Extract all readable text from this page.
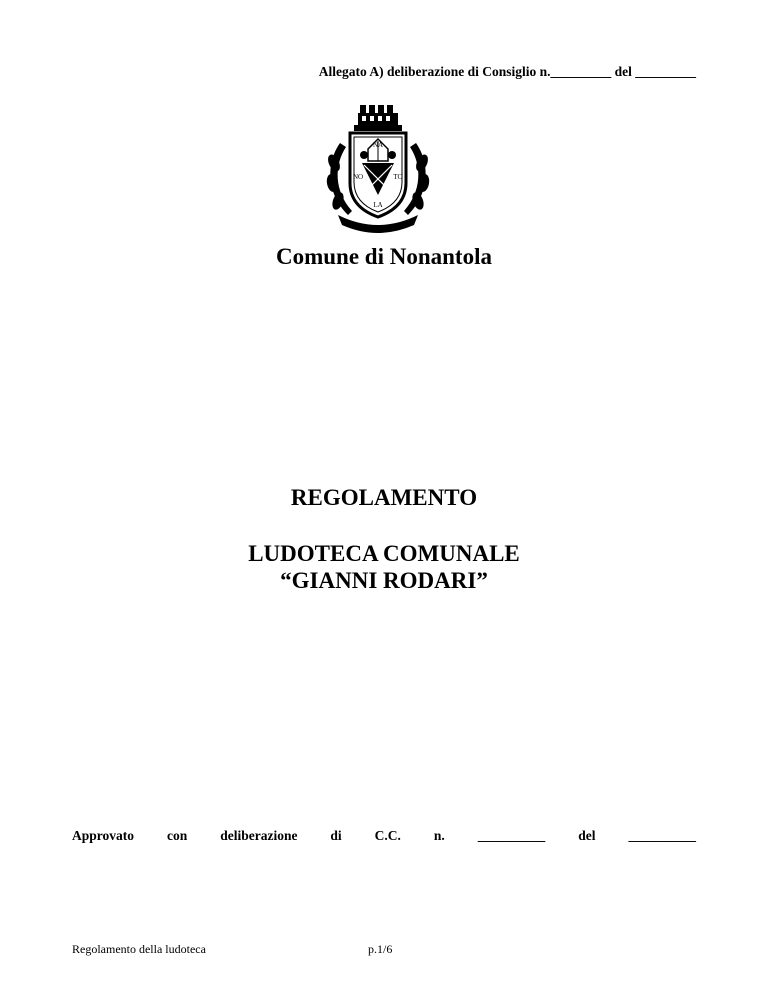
Allegato A) deliberazione di Consiglio n._________ del _________
NA
NO	TO
LA
Comune di Nonantola
REGOLAMENTO
LUDOTECA COMUNALE
“GIANNI RODARI”
Approvato con deliberazione di C.C. n. __________ del __________
Regolamento della ludoteca	p.1/6
